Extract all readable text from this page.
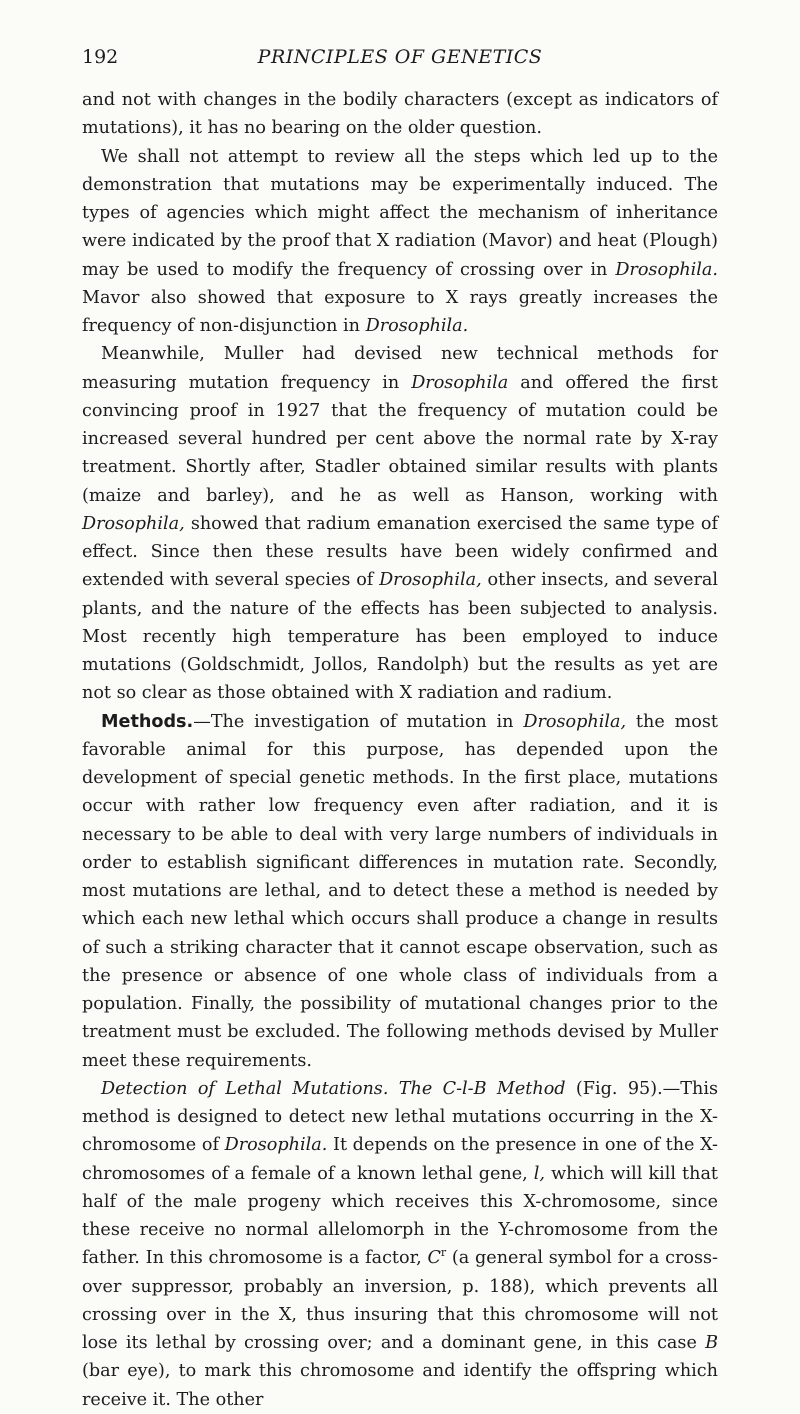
192	PRINCIPLES OF GENETICS

and not with changes in the bodily characters (except as indicators of mutations), it has no bearing on the older question.

We shall not attempt to review all the steps which led up to the demonstration that mutations may be experimentally induced. The types of agencies which might affect the mechanism of inheritance were indicated by the proof that X radiation (Mavor) and heat (Plough) may be used to modify the frequency of crossing over in Drosophila. Mavor also showed that exposure to X rays greatly increases the frequency of non-disjunction in Drosophila.

Meanwhile, Muller had devised new technical methods for measuring mutation frequency in Drosophila and offered the first convincing proof in 1927 that the frequency of mutation could be increased several hundred per cent above the normal rate by X-ray treatment. Shortly after, Stadler obtained similar results with plants (maize and barley), and he as well as Hanson, working with Drosophila, showed that radium emanation exercised the same type of effect. Since then these results have been widely confirmed and extended with several species of Drosophila, other insects, and several plants, and the nature of the effects has been subjected to analysis. Most recently high temperature has been employed to induce mutations (Goldschmidt, Jollos, Randolph) but the results as yet are not so clear as those obtained with X radiation and radium.

Methods.—The investigation of mutation in Drosophila, the most favorable animal for this purpose, has depended upon the development of special genetic methods. In the first place, mutations occur with rather low frequency even after radiation, and it is necessary to be able to deal with very large numbers of individuals in order to establish significant differences in mutation rate. Secondly, most mutations are lethal, and to detect these a method is needed by which each new lethal which occurs shall produce a change in results of such a striking character that it cannot escape observation, such as the presence or absence of one whole class of individuals from a population. Finally, the possibility of mutational changes prior to the treatment must be excluded. The following methods devised by Muller meet these requirements.

Detection of Lethal Mutations. The C-l-B Method (Fig. 95).—This method is designed to detect new lethal mutations occurring in the X-chromosome of Drosophila. It depends on the presence in one of the X-chromosomes of a female of a known lethal gene, l, which will kill that half of the male progeny which receives this X-chromosome, since these receive no normal allelomorph in the Y-chromosome from the father. In this chromosome is a factor, $C^r$ (a general symbol for a cross-over suppressor, probably an inversion, p. 188), which prevents all crossing over in the X, thus insuring that this chromosome will not lose its lethal by crossing over; and a dominant gene, in this case B (bar eye), to mark this chromosome and identify the offspring which receive it. The other
